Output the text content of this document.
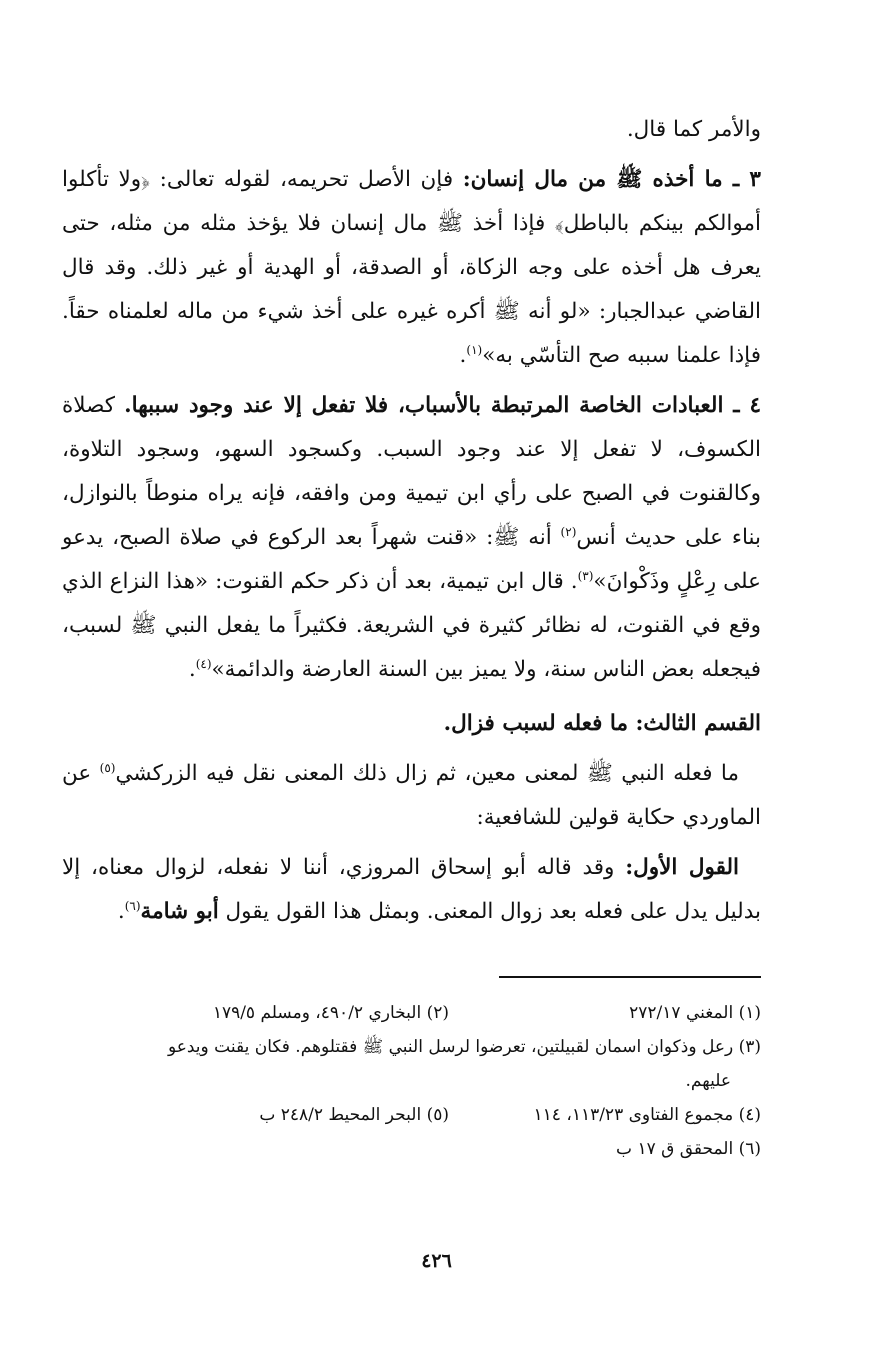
والأمر كما قال.

٣ ـ ما أخذه ﷺ من مال إنسان: فإن الأصل تحريمه، لقوله تعالى: ﴿ولا تأكلوا أموالكم بينكم بالباطل﴾ فإذا أخذ ﷺ مال إنسان فلا يؤخذ مثله من مثله، حتى يعرف هل أخذه على وجه الزكاة، أو الصدقة، أو الهدية أو غير ذلك. وقد قال القاضي عبدالجبار: «لو أنه ﷺ أكره غيره على أخذ شيء من ماله لعلمناه حقاً. فإذا علمنا سببه صح التأسّي به»$^{(١)}$.

٤ ـ العبادات الخاصة المرتبطة بالأسباب، فلا تفعل إلا عند وجود سببها. كصلاة الكسوف، لا تفعل إلا عند وجود السبب. وكسجود السهو، وسجود التلاوة، وكالقنوت في الصبح على رأي ابن تيمية ومن وافقه، فإنه يراه منوطاً بالنوازل، بناء على حديث أنس$^{(٢)}$ أنه ﷺ: «قنت شهراً بعد الركوع في صلاة الصبح، يدعو على رِعْلٍ وذَكْوانَ»$^{(٣)}$. قال ابن تيمية، بعد أن ذكر حكم القنوت: «هذا النزاع الذي وقع في القنوت، له نظائر كثيرة في الشريعة. فكثيراً ما يفعل النبي ﷺ لسبب، فيجعله بعض الناس سنة، ولا يميز بين السنة العارضة والدائمة»$^{(٤)}$.

القسم الثالث: ما فعله لسبب فزال.

ما فعله النبي ﷺ لمعنى معين، ثم زال ذلك المعنى نقل فيه الزركشي$^{(٥)}$ عن الماوردي حكاية قولين للشافعية:

القول الأول: وقد قاله أبو إسحاق المروزي، أننا لا نفعله، لزوال معناه، إلا بدليل يدل على فعله بعد زوال المعنى. وبمثل هذا القول يقول أبو شامة$^{(٦)}$.

(١) المغني ٢٧٢/١٧
(٢) البخاري ٤٩٠/٢، ومسلم ١٧٩/٥
(٣) رعل وذكوان اسمان لقبيلتين، تعرضوا لرسل النبي ﷺ فقتلوهم. فكان يقنت ويدعو
عليهم.
(٤) مجموع الفتاوى ١١٣/٢٣، ١١٤
(٥) البحر المحيط ٢٤٨/٢ ب
(٦) المحقق ق ١٧ ب
٤٢٦
